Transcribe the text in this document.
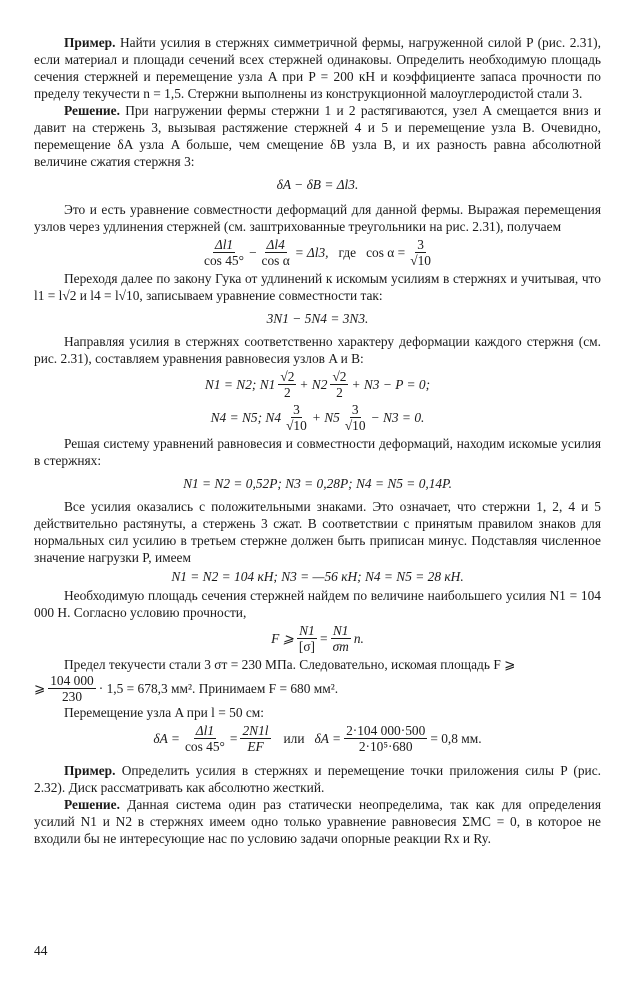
Пример. Найти усилия в стержнях симметричной фермы, нагруженной силой P (рис. 2.31), если материал и площади сечений всех стержней одинаковы. Определить необходимую площадь сечения стержней и перемещение узла A при P = 200 кН и коэффициенте запаса прочности по пределу текучести n = 1,5. Стержни выполнены из конструкционной малоуглеродистой стали 3.

Решение. При нагружении фермы стержни 1 и 2 растягиваются, узел A смещается вниз и давит на стержень 3, вызывая растяжение стержней 4 и 5 и перемещение узла B. Очевидно, перемещение δA узла A больше, чем смещение δB узла B, и их разность равна абсолютной величине сжатия стержня 3:

δA − δB = Δl3.

Это и есть уравнение совместности деформаций для данной фермы. Выражая перемещения узлов через удлинения стержней (см. заштрихованные треугольники на рис. 2.31), получаем

$\frac{\Delta l1}{\cos 45^\circ} - \frac{\Delta l4}{\text{cos α}} = \Delta l3$, где $\cos \alpha = \frac{3}{√10}$

Переходя далее по закону Гука от удлинений к искомым усилиям в стержнях и учитывая, что l1 = l√2 и l4 = l√10, записываем уравнение совместности так:

3N1 − 5N4 = 3N3.

Направляя усилия в стержнях соответственно характеру деформации каждого стержня (см. рис. 2.31), составляем уравнения равновесия узлов A и B:

N1 = N2;
$N1 \frac{√2}{2} + N2 \frac{√2}{2} + N3 - P = 0$;
N4 = N5;
$N4 \frac{3}{√10} + N5 \frac{3}{√10} - N3 = 0$.

Решая систему уравнений равновесия и совместности деформаций, находим искомые усилия в стержнях:

N1 = N2 = 0,52P; N3 = 0,28P; N4 = N5 = 0,14P.

Все усилия оказались с положительными знаками. Это означает, что стержни 1, 2, 4 и 5 действительно растянуты, а стержень 3 сжат. В соответствии с принятым правилом знаков для нормальных сил усилию в третьем стержне должен быть приписан минус. Подставляя численное значение нагрузки P, имеем

N1 = N2 = 104 кН; N3 = —56 кН; N4 = N5 = 28 кН.

Необходимую площадь сечения стержней найдем по величине наибольшего усилия N1 = 104 000 Н. Согласно условию прочности,

F ⩾ $\frac{N1}{[\sigma]} = \frac{N1}{\sigma т} n$.

Предел текучести стали 3 σт = 230 МПа. Следовательно, искомая площадь F ⩾

⩾ $\frac{104 000}{230} \cdot 1,5 = 678,3$ мм². Принимаем F = 680 мм².

Перемещение узла A при l = 50 см:

$\delta A = \frac{\Delta l1}{\cos 45^\circ} = \frac{2N1l}{EF}$ или $\delta A = \frac{2\cdot 104 000\cdot 500}{\text{2·10⁵·680}} = 0,8$ мм.

Пример. Определить усилия в стержнях и перемещение точки приложения силы P (рис. 2.32). Диск рассматривать как абсолютно жесткий.

Решение. Данная система один раз статически неопределима, так как для определения усилий N1 и N2 в стержнях имеем одно только уравнение равновесия ΣMC = 0, в которое не входили бы не интересующие нас по условию задачи опорные реакции Rx и Ry.

44
